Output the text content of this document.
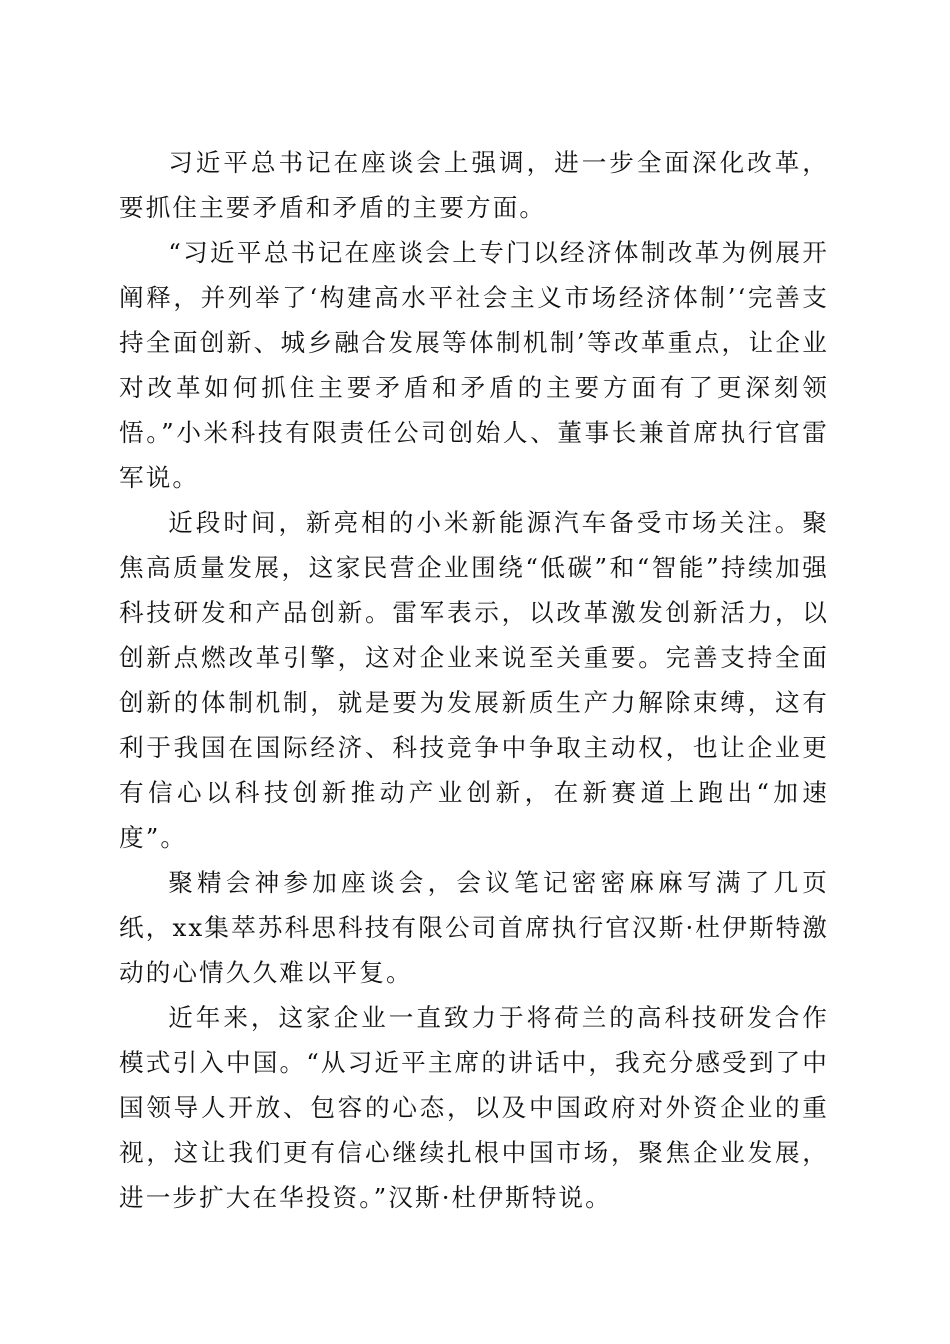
习近平总书记在座谈会上强调，进一步全面深化改革，要抓住主要矛盾和矛盾的主要方面。

“习近平总书记在座谈会上专门以经济体制改革为例展开阐释，并列举了‘构建高水平社会主义市场经济体制’‘完善支持全面创新、城乡融合发展等体制机制’等改革重点，让企业对改革如何抓住主要矛盾和矛盾的主要方面有了更深刻领悟。”小米科技有限责任公司创始人、董事长兼首席执行官雷军说。

近段时间，新亮相的小米新能源汽车备受市场关注。聚焦高质量发展，这家民营企业围绕“低碳”和“智能”持续加强科技研发和产品创新。雷军表示，以改革激发创新活力，以创新点燃改革引擎，这对企业来说至关重要。完善支持全面创新的体制机制，就是要为发展新质生产力解除束缚，这有利于我国在国际经济、科技竞争中争取主动权，也让企业更有信心以科技创新推动产业创新，在新赛道上跑出“加速度”。

聚精会神参加座谈会，会议笔记密密麻麻写满了几页纸，xx集萃苏科思科技有限公司首席执行官汉斯·杜伊斯特激动的心情久久难以平复。

近年来，这家企业一直致力于将荷兰的高科技研发合作模式引入中国。“从习近平主席的讲话中，我充分感受到了中国领导人开放、包容的心态，以及中国政府对外资企业的重视，这让我们更有信心继续扎根中国市场，聚焦企业发展，进一步扩大在华投资。”汉斯·杜伊斯特说。
